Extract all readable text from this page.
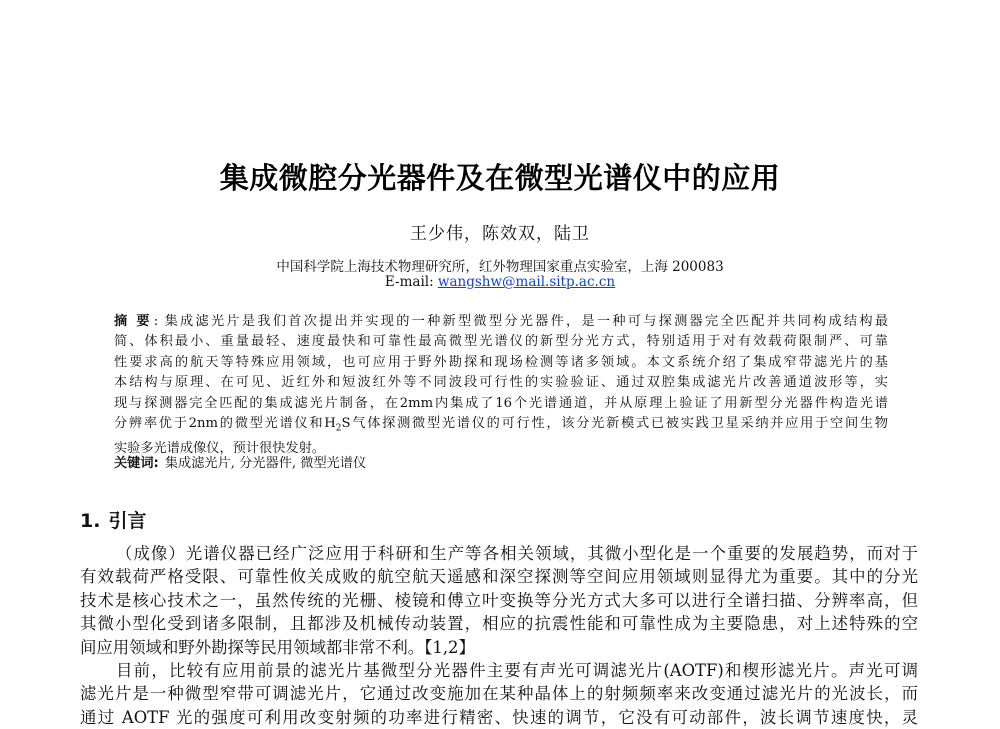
集成微腔分光器件及在微型光谱仪中的应用
王少伟，陈效双，陆卫
中国科学院上海技术物理研究所，红外物理国家重点实验室，上海 200083
E-mail: wangshw@mail.sitp.ac.cn
摘 要 : 集成滤光片是我们首次提出并实现的一种新型微型分光器件，是一种可与探测器完全匹配并共同构成结构最
简、体积最小、重量最轻、速度最快和可靠性最高微型光谱仪的新型分光方式，特别适用于对有效载荷限制严、可靠
性要求高的航天等特殊应用领域，也可应用于野外勘探和现场检测等诸多领域。本文系统介绍了集成窄带滤光片的基
本结构与原理、在可见、近红外和短波红外等不同波段可行性的实验验证、通过双腔集成滤光片改善通道波形等，实
现与探测器完全匹配的集成滤光片制备，在2mm内集成了16个光谱通道，并从原理上验证了用新型分光器件构造光谱
分辨率优于2nm的微型光谱仪和$H_2S$气体探测微型光谱仪的可行性，该分光新模式已被实践卫星采纳并应用于空间生物
实验多光谱成像仪，预计很快发射。
关键词: 集成滤光片, 分光器件, 微型光谱仪
1. 引言
（成像）光谱仪器已经广泛应用于科研和生产等各相关领域，其微小型化是一个重要的发展趋势，而对于
有效载荷严格受限、可靠性攸关成败的航空航天遥感和深空探测等空间应用领域则显得尤为重要。其中的分光
技术是核心技术之一，虽然传统的光栅、棱镜和傅立叶变换等分光方式大多可以进行全谱扫描、分辨率高，但
其微小型化受到诸多限制，且都涉及机械传动装置，相应的抗震性能和可靠性成为主要隐患，对上述特殊的空
间应用领域和野外勘探等民用领域都非常不利。【1,2】
目前，比较有应用前景的滤光片基微型分光器件主要有声光可调滤光片(AOTF)和楔形滤光片。声光可调
滤光片是一种微型窄带可调滤光片，它通过改变施加在某种晶体上的射频频率来改变通过滤光片的光波长，而
通过 AOTF 光的强度可利用改变射频的功率进行精密、快速的调节，它没有可动部件，波长调节速度快，灵
